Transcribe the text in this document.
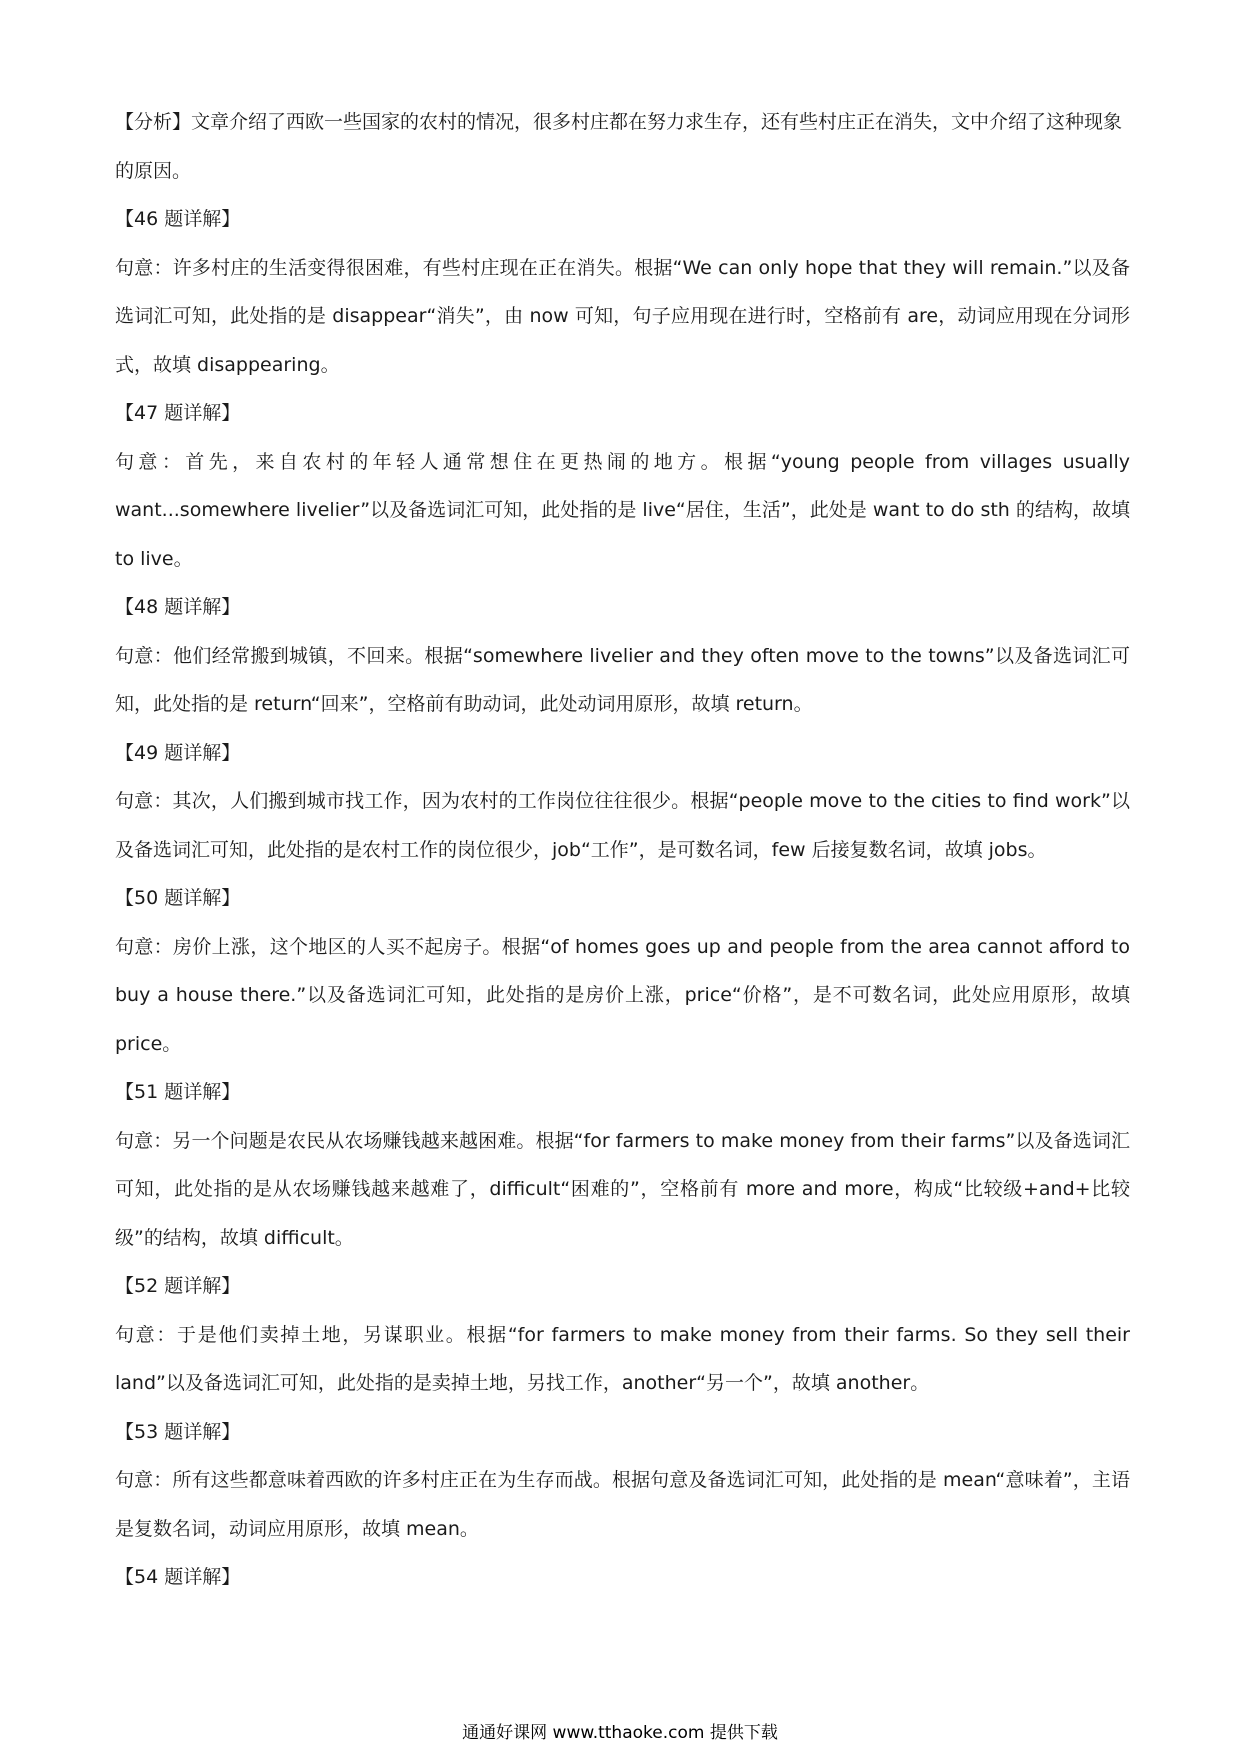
【分析】文章介绍了西欧一些国家的农村的情况，很多村庄都在努力求生存，还有些村庄正在消失，文中介绍了这种现象的原因。

【46 题详解】

句意：许多村庄的生活变得很困难，有些村庄现在正在消失。根据“We can only hope that they will remain.”以及备选词汇可知，此处指的是 disappear“消失”，由 now 可知，句子应用现在进行时，空格前有 are，动词应用现在分词形式，故填 disappearing。

【47 题详解】

句意：首先，来自农村的年轻人通常想住在更热闹的地方。根据“young people from villages usually want...somewhere livelier”以及备选词汇可知，此处指的是 live“居住，生活”，此处是 want to do sth 的结构，故填 to live。

【48 题详解】

句意：他们经常搬到城镇，不回来。根据“somewhere livelier and they often move to the towns”以及备选词汇可知，此处指的是 return“回来”，空格前有助动词，此处动词用原形，故填 return。

【49 题详解】

句意：其次，人们搬到城市找工作，因为农村的工作岗位往往很少。根据“people move to the cities to find work”以及备选词汇可知，此处指的是农村工作的岗位很少，job“工作”，是可数名词，few 后接复数名词，故填 jobs。

【50 题详解】

句意：房价上涨，这个地区的人买不起房子。根据“of homes goes up and people from the area cannot afford to buy a house there.”以及备选词汇可知，此处指的是房价上涨，price“价格”，是不可数名词，此处应用原形，故填 price。

【51 题详解】

句意：另一个问题是农民从农场赚钱越来越困难。根据“for farmers to make money from their farms”以及备选词汇可知，此处指的是从农场赚钱越来越难了，difficult“困难的”，空格前有 more and more，构成“比较级+and+比较级”的结构，故填 difficult。

【52 题详解】

句意：于是他们卖掉土地，另谋职业。根据“for farmers to make money from their farms. So they sell their land”以及备选词汇可知，此处指的是卖掉土地，另找工作，another“另一个”，故填 another。

【53 题详解】

句意：所有这些都意味着西欧的许多村庄正在为生存而战。根据句意及备选词汇可知，此处指的是 mean“意味着”，主语是复数名词，动词应用原形，故填 mean。

【54 题详解】

通通好课网 www.tthaoke.com 提供下载
